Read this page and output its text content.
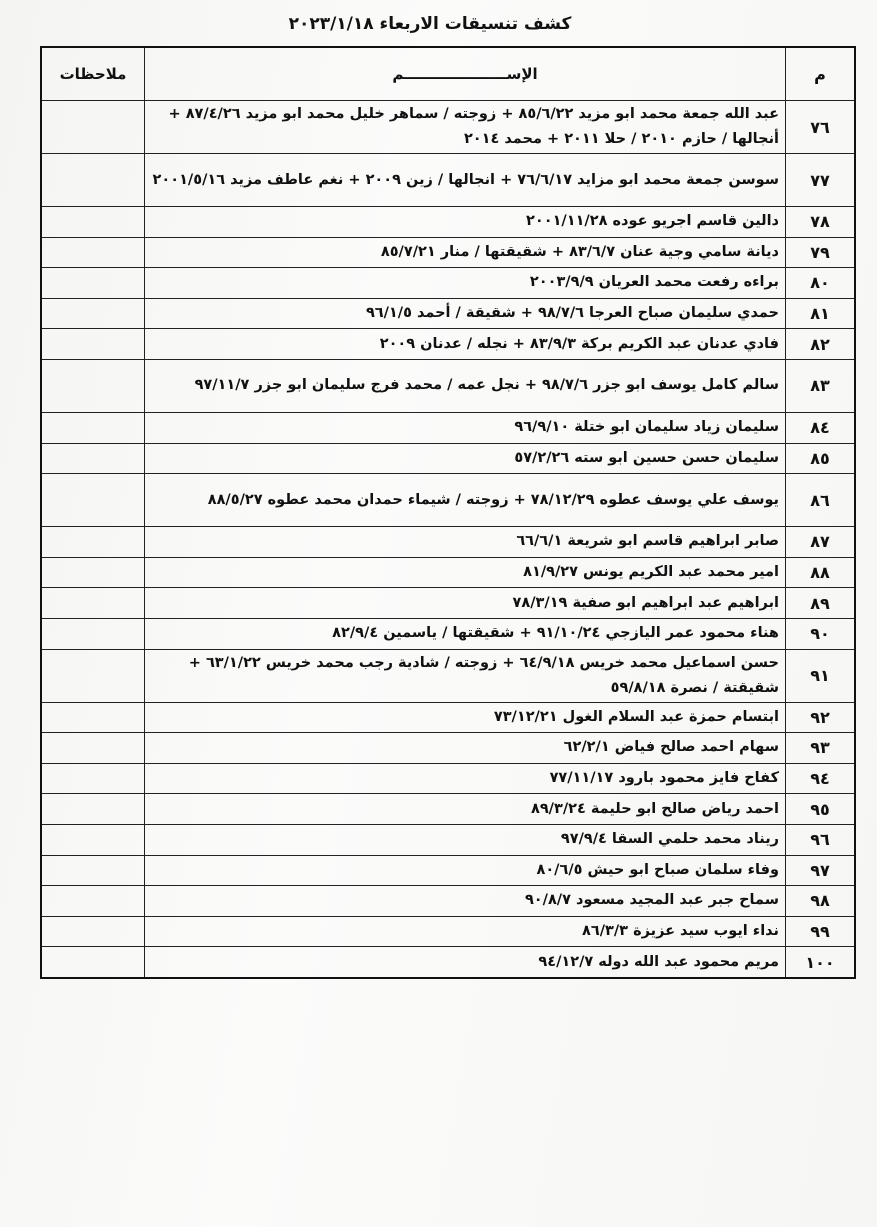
كشف تنسيقات الاربعاء ٢٠٢٣/١/١٨
م	الإســــــــــــــــــــم	ملاحظات
٧٦	عبد الله جمعة محمد ابو مزيد ٨٥/٦/٢٢ + زوجته / سماهر خليل محمد ابو مزيد ٨٧/٤/٢٦ + أنجالها / حازم ٢٠١٠ / حلا ٢٠١١ + محمد ٢٠١٤	
٧٧	سوسن جمعة محمد ابو مزايد ٧٦/٦/١٧ + انجالها / زين ٢٠٠٩ + نغم عاطف مزيد ٢٠٠١/٥/١٦	
٧٨	دالين قاسم اجريو عوده ٢٠٠١/١١/٢٨	
٧٩	ديانة سامي وجية عنان ٨٣/٦/٧ + شقيقتها / منار ٨٥/٧/٢١	
٨٠	براءه رفعت محمد العريان ٢٠٠٣/٩/٩	
٨١	حمدي سليمان صباح العرجا ٩٨/٧/٦ + شقيقة / أحمد ٩٦/١/٥	
٨٢	فادي عدنان عبد الكريم بركة ٨٣/٩/٣ + نجله / عدنان ٢٠٠٩	
٨٣	سالم كامل يوسف ابو جزر ٩٨/٧/٦ + نجل عمه / محمد فرج سليمان ابو جزر ٩٧/١١/٧	
٨٤	سليمان زياد سليمان ابو ختلة ٩٦/٩/١٠	
٨٥	سليمان حسن حسين ابو سته ٥٧/٢/٢٦	
٨٦	يوسف علي يوسف عطوه ٧٨/١٢/٢٩ + زوجته / شيماء حمدان محمد عطوه ٨٨/٥/٢٧	
٨٧	صابر ابراهيم قاسم ابو شريعة ٦٦/٦/١	
٨٨	امير محمد عبد الكريم يونس ٨١/٩/٢٧	
٨٩	ابراهيم عبد ابراهيم ابو صفية ٧٨/٣/١٩	
٩٠	هناء محمود عمر اليازجي ٩١/١٠/٢٤ + شقيقتها / ياسمين ٨٢/٩/٤	
٩١	حسن اسماعيل محمد خريس ٦٤/٩/١٨ + زوجته / شادية رجب محمد خريس ٦٣/١/٢٢ + شقيقتة / نصرة ٥٩/٨/١٨	
٩٢	ابتسام حمزة عبد السلام الغول ٧٣/١٢/٢١	
٩٣	سهام احمد صالح فياض ٦٢/٢/١	
٩٤	كفاح فايز محمود بارود ٧٧/١١/١٧	
٩٥	احمد رياض صالح ابو حليمة ٨٩/٣/٢٤	
٩٦	ريناد محمد حلمي السقا ٩٧/٩/٤	
٩٧	وفاء سلمان صباح ابو حيش ٨٠/٦/٥	
٩٨	سماح جبر عبد المجيد مسعود ٩٠/٨/٧	
٩٩	نداء ايوب سيد عزيزة ٨٦/٣/٣	
١٠٠	مريم محمود عبد الله دوله ٩٤/١٢/٧	
